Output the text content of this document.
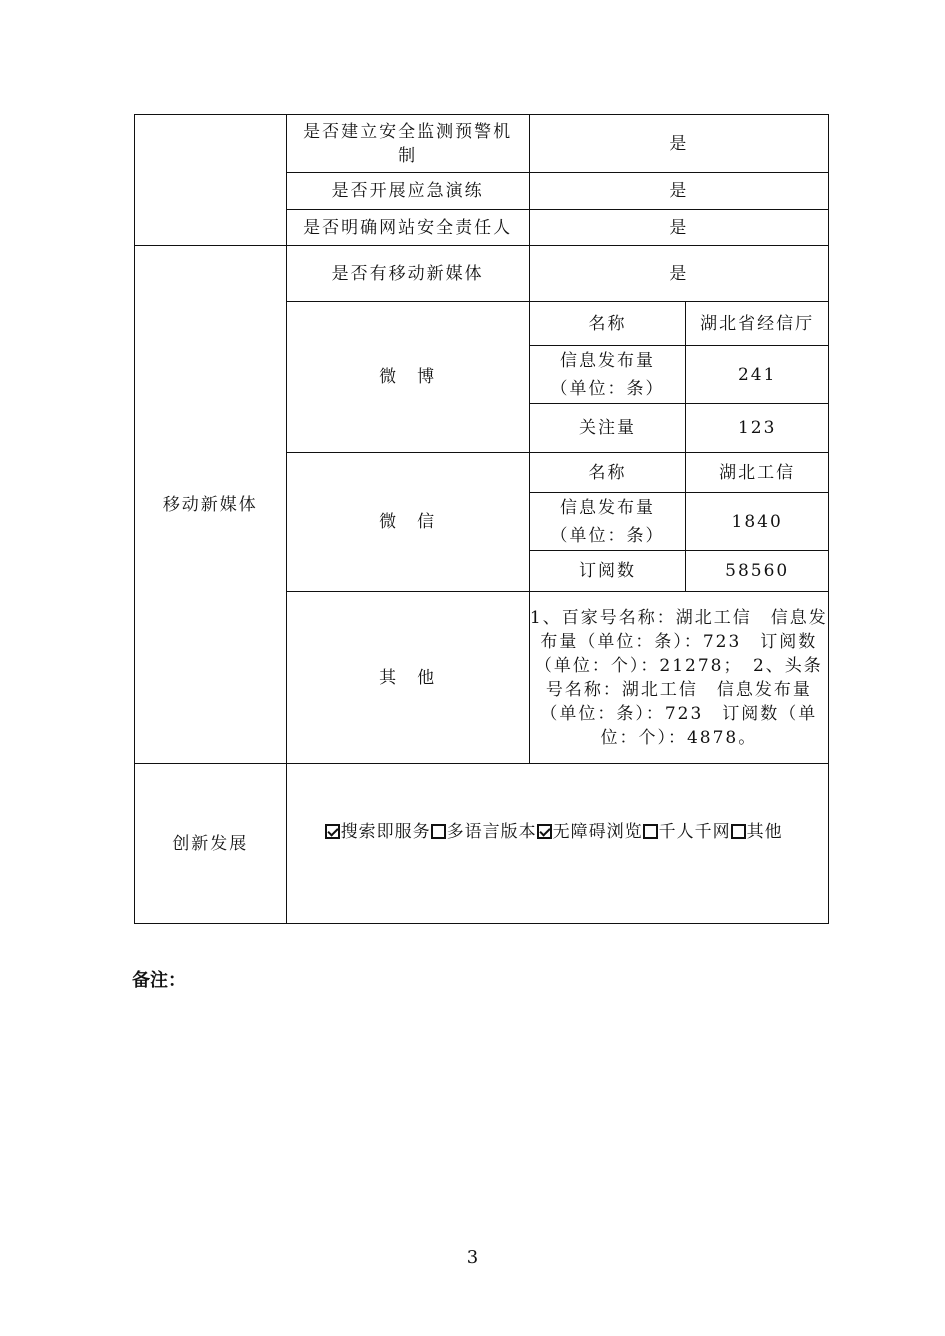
	是否建立安全监测预警机制	是	
	是否开展应急演练	是	
	是否明确网站安全责任人	是	
移动新媒体	是否有移动新媒体	是	
	微　博	名称	湖北省经信厅
		信息发布量（单位：条）	241
		关注量	123
	微　信	名称	湖北工信
		信息发布量（单位：条）	1840
		订阅数	58560
	其　他	1、百家号名称：湖北工信　信息发布量（单位：条）：723　订阅数（单位：个）：21278；　2、头条号名称：湖北工信　信息发布量（单位：条）：723　订阅数（单位：个）：4878。	
创新发展	搜索即服务 多语言版本 无障碍浏览 千人千网 其他		
备注：
3
